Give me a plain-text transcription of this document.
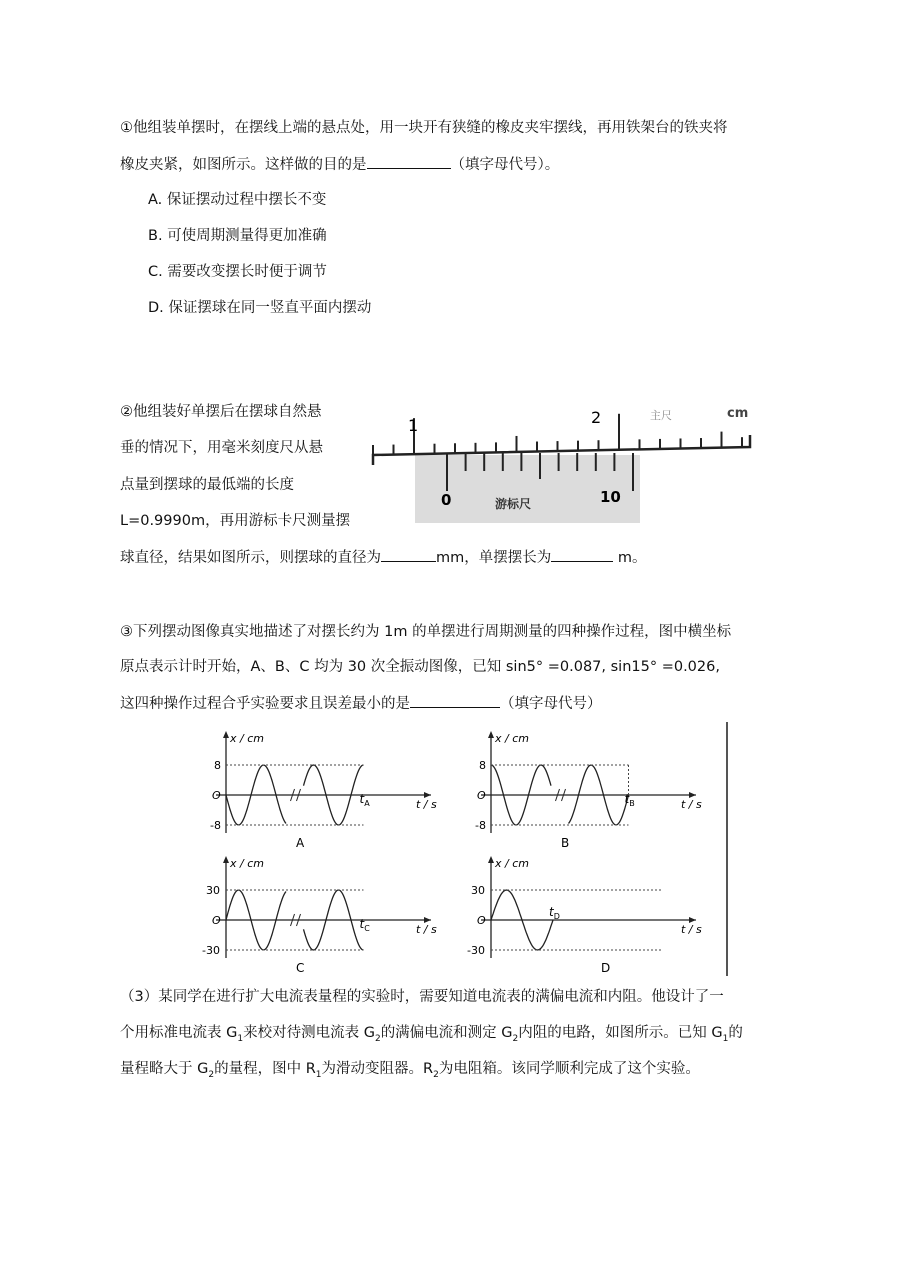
①他组装单摆时，在摆线上端的悬点处，用一块开有狭缝的橡皮夹牢摆线，再用铁架台的铁夹将
橡皮夹紧，如图所示。这样做的目的是	（填字母代号）。
A. 保证摆动过程中摆长不变
B. 可使周期测量得更加准确
C. 需要改变摆长时便于调节
D. 保证摆球在同一竖直平面内摆动
②他组装好单摆后在摆球自然悬
垂的情况下，用毫米刻度尺从悬
点量到摆球的最低端的长度
L=0.9990m，再用游标卡尺测量摆
球直径，结果如图所示，则摆球的直径为	mm，单摆摆长为	m。
1	2	主尺	cm
0	10
游标尺
③下列摆动图像真实地描述了对摆长约为 1m 的单摆进行周期测量的四种操作过程，图中横坐标
原点表示计时开始，A、B、C 均为 30 次全振动图像，已知 sin5° =0.087, sin15° =0.026,
这四种操作过程合乎实验要求且误差最小的是	（填字母代号）
x / cm
t / s
O
8
-8
$t_A$
A
x / cm
t / s
O
8
-8
$t_B$
B
x / cm
t / s
O
30
-30
$t_C$
C
x / cm
t / s
O
30
-30
$t_D$
D
（3）某同学在进行扩大电流表量程的实验时，需要知道电流表的满偏电流和内阻。他设计了一
个用标准电流表 $G_1$来校对待测电流表 $G_2$的满偏电流和测定 $G_2$内阻的电路，如图所示。已知 $G_1$的
量程略大于 $G_2$的量程，图中 $R_1$为滑动变阻器。$R_2$为电阻箱。该同学顺利完成了这个实验。
